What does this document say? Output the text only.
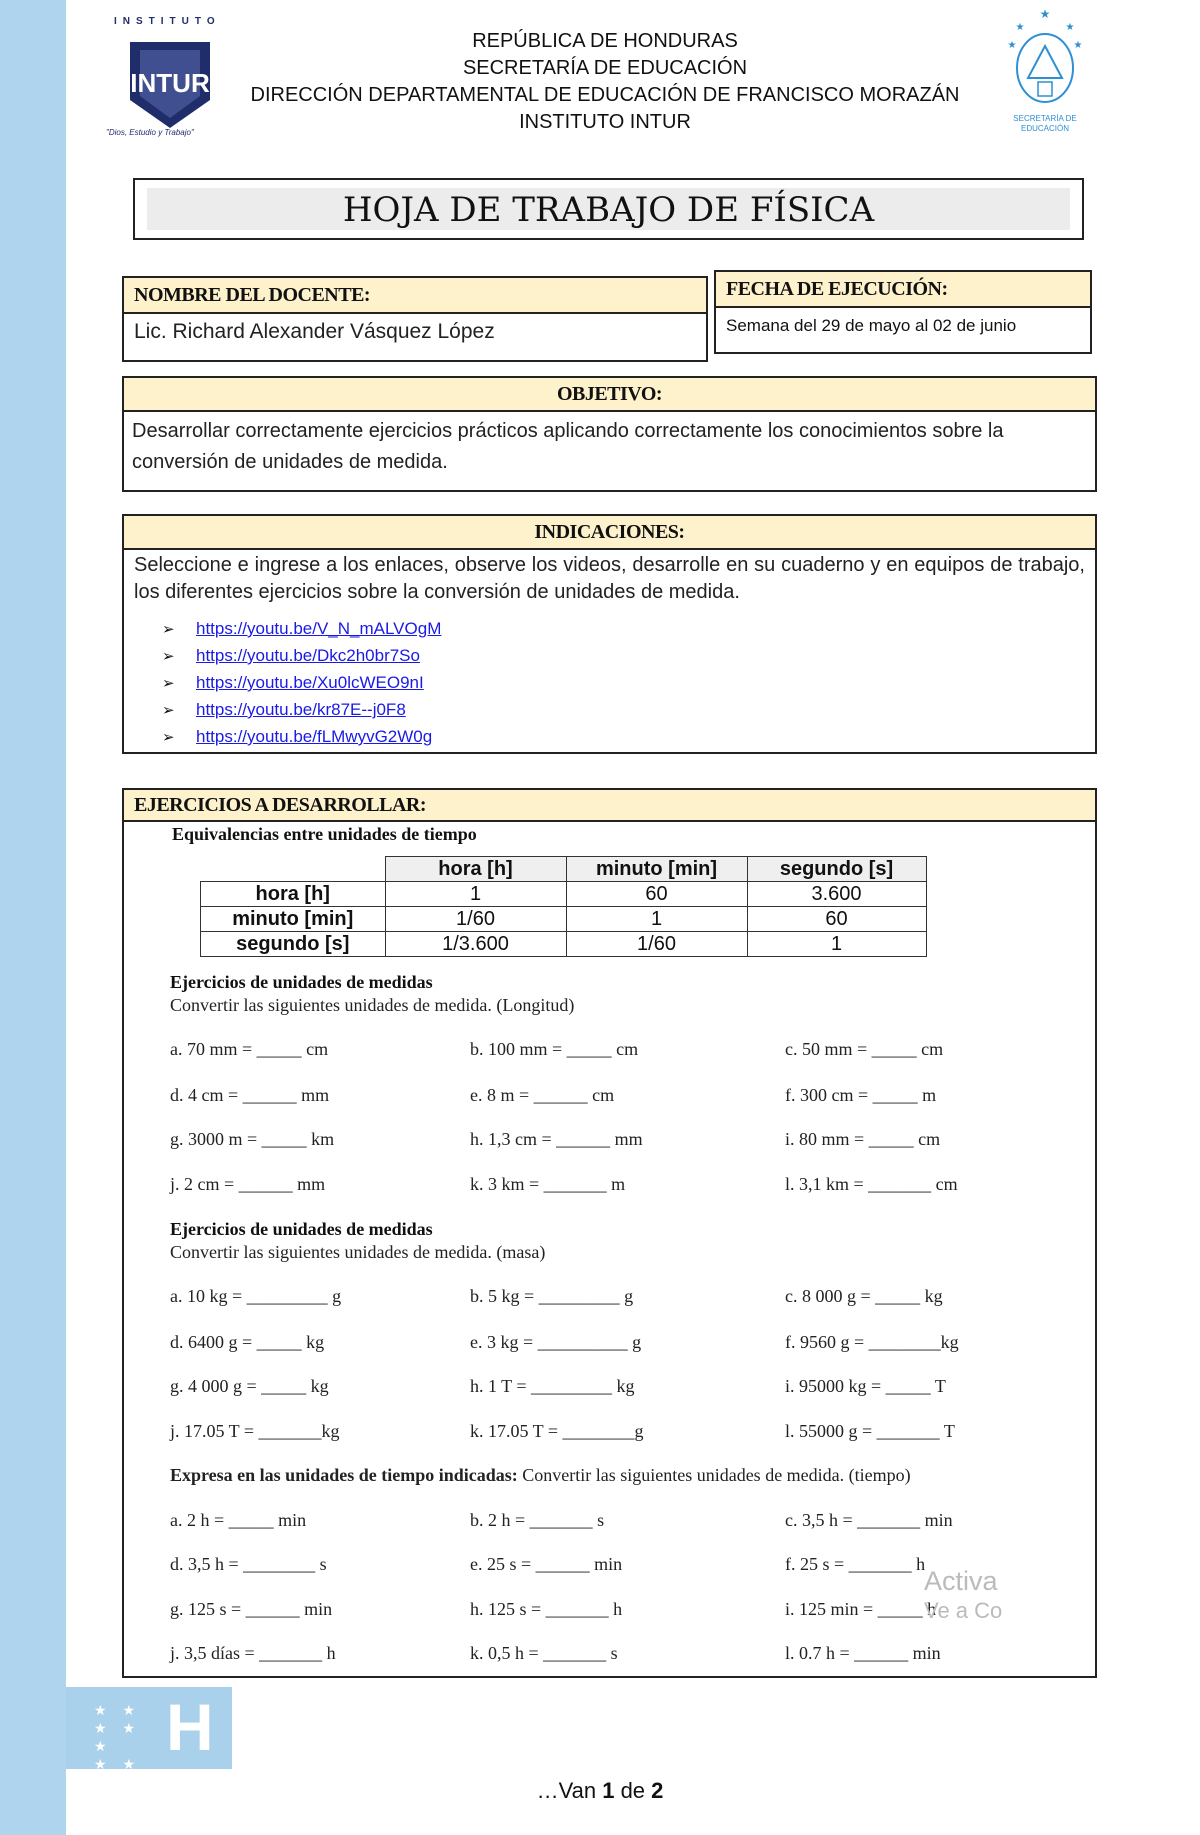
INSTITUTO
INTUR
"Dios, Estudio y Trabajo"
REPÚBLICA DE HONDURAS
SECRETARÍA DE EDUCACIÓN
DIRECCIÓN DEPARTAMENTAL DE EDUCACIÓN DE FRANCISCO MORAZÁN
INSTITUTO INTUR
★
★	★
★	★
SECRETARÍA DE
EDUCACIÓN
HOJA DE TRABAJO DE FÍSICA
NOMBRE DEL DOCENTE:
Lic. Richard Alexander Vásquez López
FECHA DE EJECUCIÓN:
Semana del 29 de mayo al 02 de junio
OBJETIVO:
Desarrollar correctamente ejercicios prácticos aplicando correctamente los conocimientos sobre la conversión de unidades de medida.
INDICACIONES:
Seleccione e ingrese a los enlaces, observe los videos, desarrolle en su cuaderno y en equipos de trabajo, los diferentes ejercicios sobre la conversión de unidades de medida.
➢ https://youtu.be/V_N_mALVOgM
➢ https://youtu.be/Dkc2h0br7So
➢ https://youtu.be/Xu0lcWEO9nI
➢ https://youtu.be/kr87E--j0F8
➢ https://youtu.be/fLMwyvG2W0g
EJERCICIOS A DESARROLLAR:
Equivalencias entre unidades de tiempo
	hora [h]	minuto [min]	segundo [s]
hora [h]	1	60	3.600
minuto [min]	1/60	1	60
segundo [s]	1/3.600	1/60	1
Ejercicios de unidades de medidas
Convertir las siguientes unidades de medida. (Longitud)
a. 70 mm = _____ cm	b. 100 mm = _____ cm	c. 50 mm = _____ cm
d. 4 cm = ______ mm	e. 8 m = ______ cm	f. 300 cm = _____ m
g. 3000 m = _____ km	h. 1,3 cm = ______ mm	i. 80 mm = _____ cm
j. 2 cm = ______ mm	k. 3 km = _______ m	l. 3,1 km = _______ cm
Ejercicios de unidades de medidas
Convertir las siguientes unidades de medida. (masa)
a. 10 kg = _________ g	b. 5 kg = _________ g	c. 8 000 g = _____ kg
d. 6400 g = _____ kg	e. 3 kg = __________ g	f. 9560 g = ________kg
g. 4 000 g = _____ kg	h. 1 T = _________ kg	i. 95000 kg = _____ T
j. 17.05 T = _______kg	k. 17.05 T = ________g	l. 55000 g = _______ T
Expresa en las unidades de tiempo indicadas: Convertir las siguientes unidades de medida. (tiempo)
a. 2 h = _____ min	b. 2 h = _______ s	c. 3,5 h = _______ min
d. 3,5 h = ________ s	e. 25 s = ______ min	f. 25 s = _______ h
g. 125 s = ______ min	h. 125 s = _______ h	i. 125 min = _____ h
j. 3,5 días = _______ h	k. 0,5 h = _______ s	l. 0.7 h = ______ min
Activa
Ve a Co
★ ★
★ ★ ★
★ ★ H
…Van 1 de 2
